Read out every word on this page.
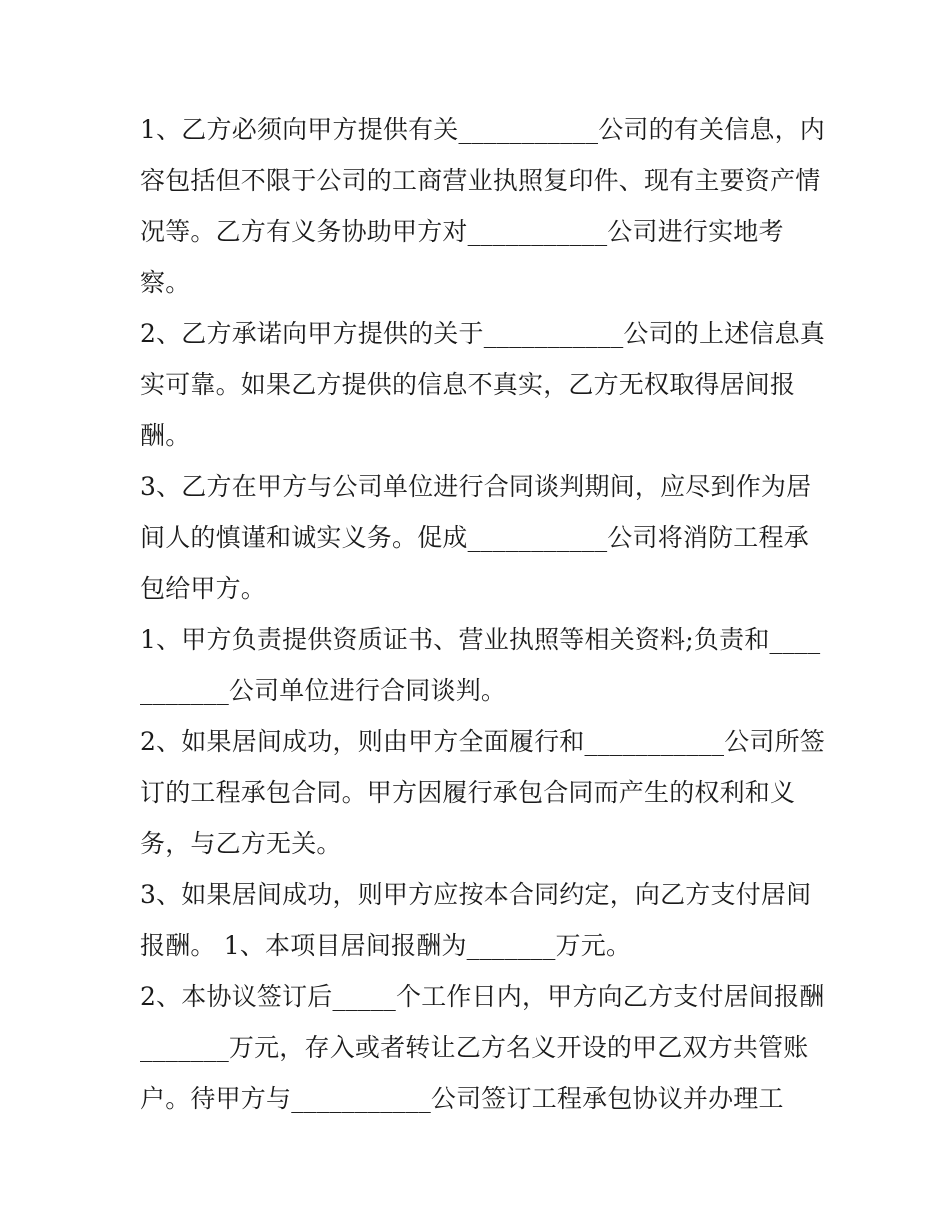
1、乙方必须向甲方提供有关___________公司的有关信息，内容包括但不限于公司的工商营业执照复印件、现有主要资产情况等。乙方有义务协助甲方对___________公司进行实地考察。

2、乙方承诺向甲方提供的关于___________公司的上述信息真实可靠。如果乙方提供的信息不真实，乙方无权取得居间报酬。

3、乙方在甲方与公司单位进行合同谈判期间，应尽到作为居间人的慎谨和诚实义务。促成___________公司将消防工程承包给甲方。

1、甲方负责提供资质证书、营业执照等相关资料;负责和___________公司单位进行合同谈判。

2、如果居间成功，则由甲方全面履行和___________公司所签订的工程承包合同。甲方因履行承包合同而产生的权利和义务，与乙方无关。

3、如果居间成功，则甲方应按本合同约定，向乙方支付居间报酬。 1、本项目居间报酬为_______万元。

2、本协议签订后_____个工作日内，甲方向乙方支付居间报酬_______万元，存入或者转让乙方名义开设的甲乙双方共管账户。待甲方与___________公司签订工程承包协议并办理工
